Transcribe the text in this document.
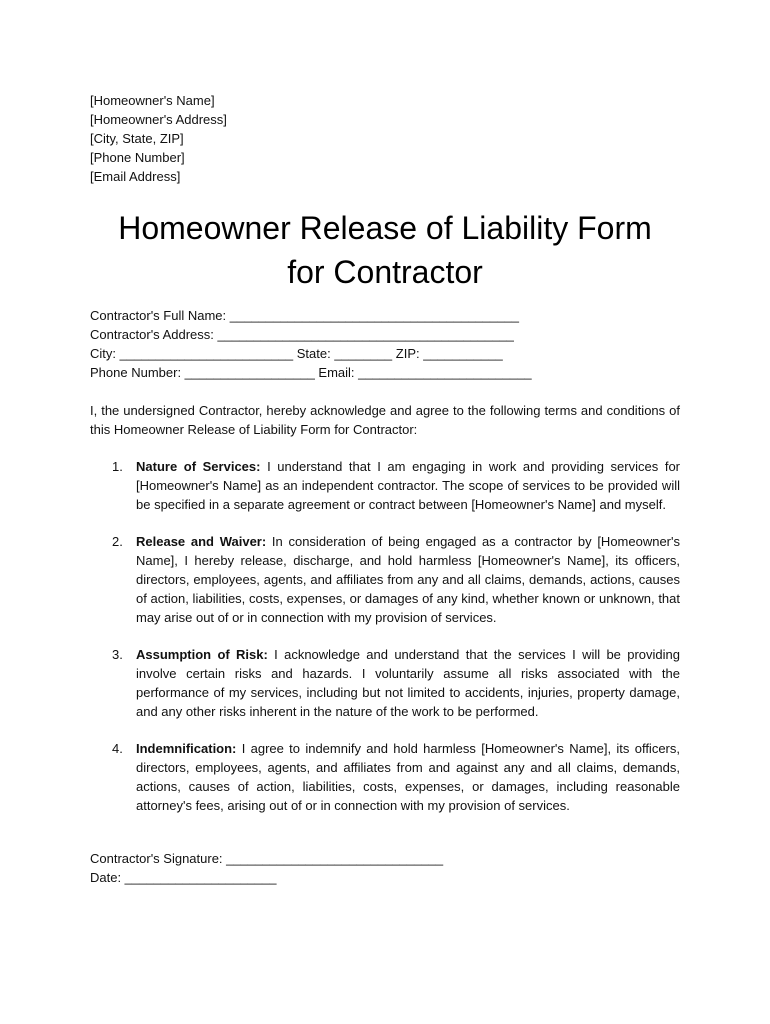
[Homeowner's Name]
[Homeowner's Address]
[City, State, ZIP]
[Phone Number]
[Email Address]
Homeowner Release of Liability Form
for Contractor
Contractor's Full Name: ________________________________________
Contractor's Address: _________________________________________
City: ________________________ State: ________ ZIP: ___________
Phone Number: __________________ Email: ________________________
I, the undersigned Contractor, hereby acknowledge and agree to the following terms and conditions of this Homeowner Release of Liability Form for Contractor:
1. Nature of Services: I understand that I am engaging in work and providing services for [Homeowner's Name] as an independent contractor. The scope of services to be provided will be specified in a separate agreement or contract between [Homeowner's Name] and myself.
2. Release and Waiver: In consideration of being engaged as a contractor by [Homeowner's Name], I hereby release, discharge, and hold harmless [Homeowner's Name], its officers, directors, employees, agents, and affiliates from any and all claims, demands, actions, causes of action, liabilities, costs, expenses, or damages of any kind, whether known or unknown, that may arise out of or in connection with my provision of services.
3. Assumption of Risk: I acknowledge and understand that the services I will be providing involve certain risks and hazards. I voluntarily assume all risks associated with the performance of my services, including but not limited to accidents, injuries, property damage, and any other risks inherent in the nature of the work to be performed.
4. Indemnification: I agree to indemnify and hold harmless [Homeowner's Name], its officers, directors, employees, agents, and affiliates from and against any and all claims, demands, actions, causes of action, liabilities, costs, expenses, or damages, including reasonable attorney's fees, arising out of or in connection with my provision of services.
Contractor's Signature: ______________________________
Date: _____________________
